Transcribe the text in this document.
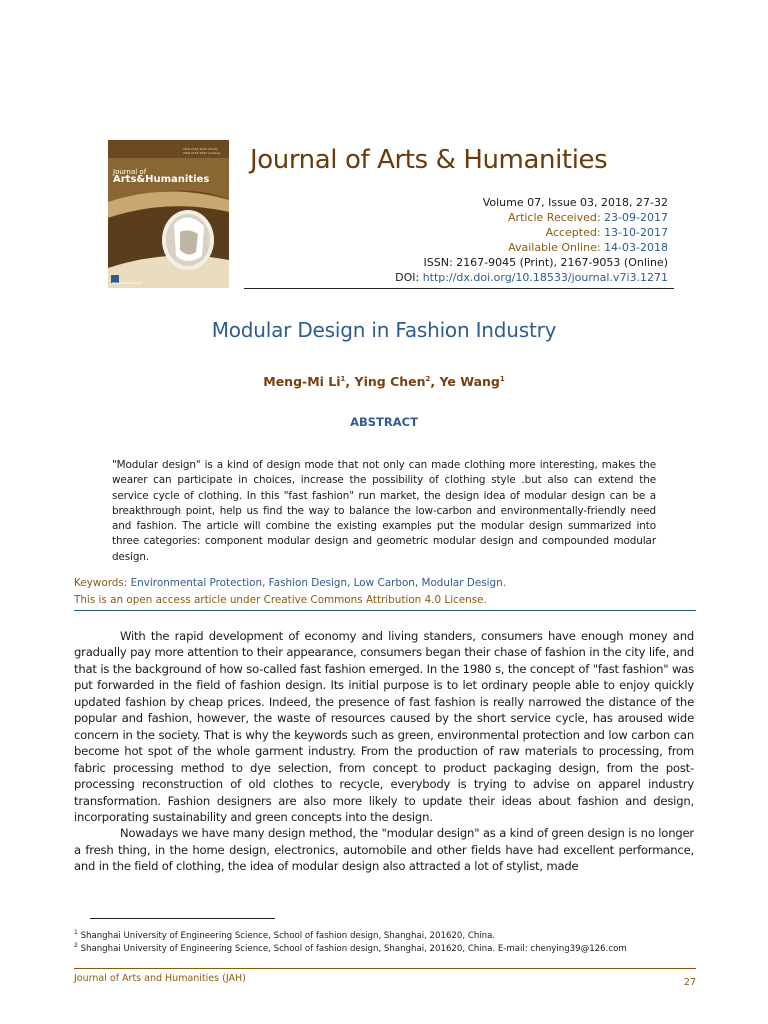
ISSN 2167-9045 (Print) ISSN 2167-9053 (Online)
Journal of
Arts&Humanities
MAYA PUBLICATION
Journal of Arts & Humanities
Volume 07, Issue 03, 2018, 27-32
Article Received: 23-09-2017
Accepted: 13-10-2017
Available Online: 14-03-2018
ISSN: 2167-9045 (Print), 2167-9053 (Online)
DOI: http://dx.doi.org/10.18533/journal.v7i3.1271
Modular Design in Fashion Industry
Meng-Mi Li$^1$, Ying Chen$^2$, Ye Wang$^1$
ABSTRACT
"Modular design" is a kind of design mode that not only can made clothing more interesting, makes the wearer can participate in choices, increase the possibility of clothing style .but also can extend the service cycle of clothing. In this "fast fashion" run market, the design idea of modular design can be a breakthrough point, help us find the way to balance the low-carbon and environmentally-friendly need and fashion. The article will combine the existing examples put the modular design summarized into three categories: component modular design and geometric modular design and compounded modular design.
Keywords: Environmental Protection, Fashion Design, Low Carbon, Modular Design.
This is an open access article under Creative Commons Attribution 4.0 License.

With the rapid development of economy and living standers, consumers have enough money and gradually pay more attention to their appearance, consumers began their chase of fashion in the city life, and that is the background of how so-called fast fashion emerged. In the 1980 s, the concept of "fast fashion" was put forwarded in the field of fashion design. Its initial purpose is to let ordinary people able to enjoy quickly updated fashion by cheap prices. Indeed, the presence of fast fashion is really narrowed the distance of the popular and fashion, however, the waste of resources caused by the short service cycle, has aroused wide concern in the society. That is why the keywords such as green, environmental protection and low carbon can become hot spot of the whole garment industry. From the production of raw materials to processing, from fabric processing method to dye selection, from concept to product packaging design, from the post-processing reconstruction of old clothes to recycle, everybody is trying to advise on apparel industry transformation. Fashion designers are also more likely to update their ideas about fashion and design, incorporating sustainability and green concepts into the design.

Nowadays we have many design method, the "modular design" as a kind of green design is no longer a fresh thing, in the home design, electronics, automobile and other fields have had excellent performance, and in the field of clothing, the idea of modular design also attracted a lot of stylist, made

$^1$ Shanghai University of Engineering Science, School of fashion design, Shanghai, 201620, China.
$^2$ Shanghai University of Engineering Science, School of fashion design, Shanghai, 201620, China. E-mail: chenying39@126.com
Journal of Arts and Humanities (JAH)	27
